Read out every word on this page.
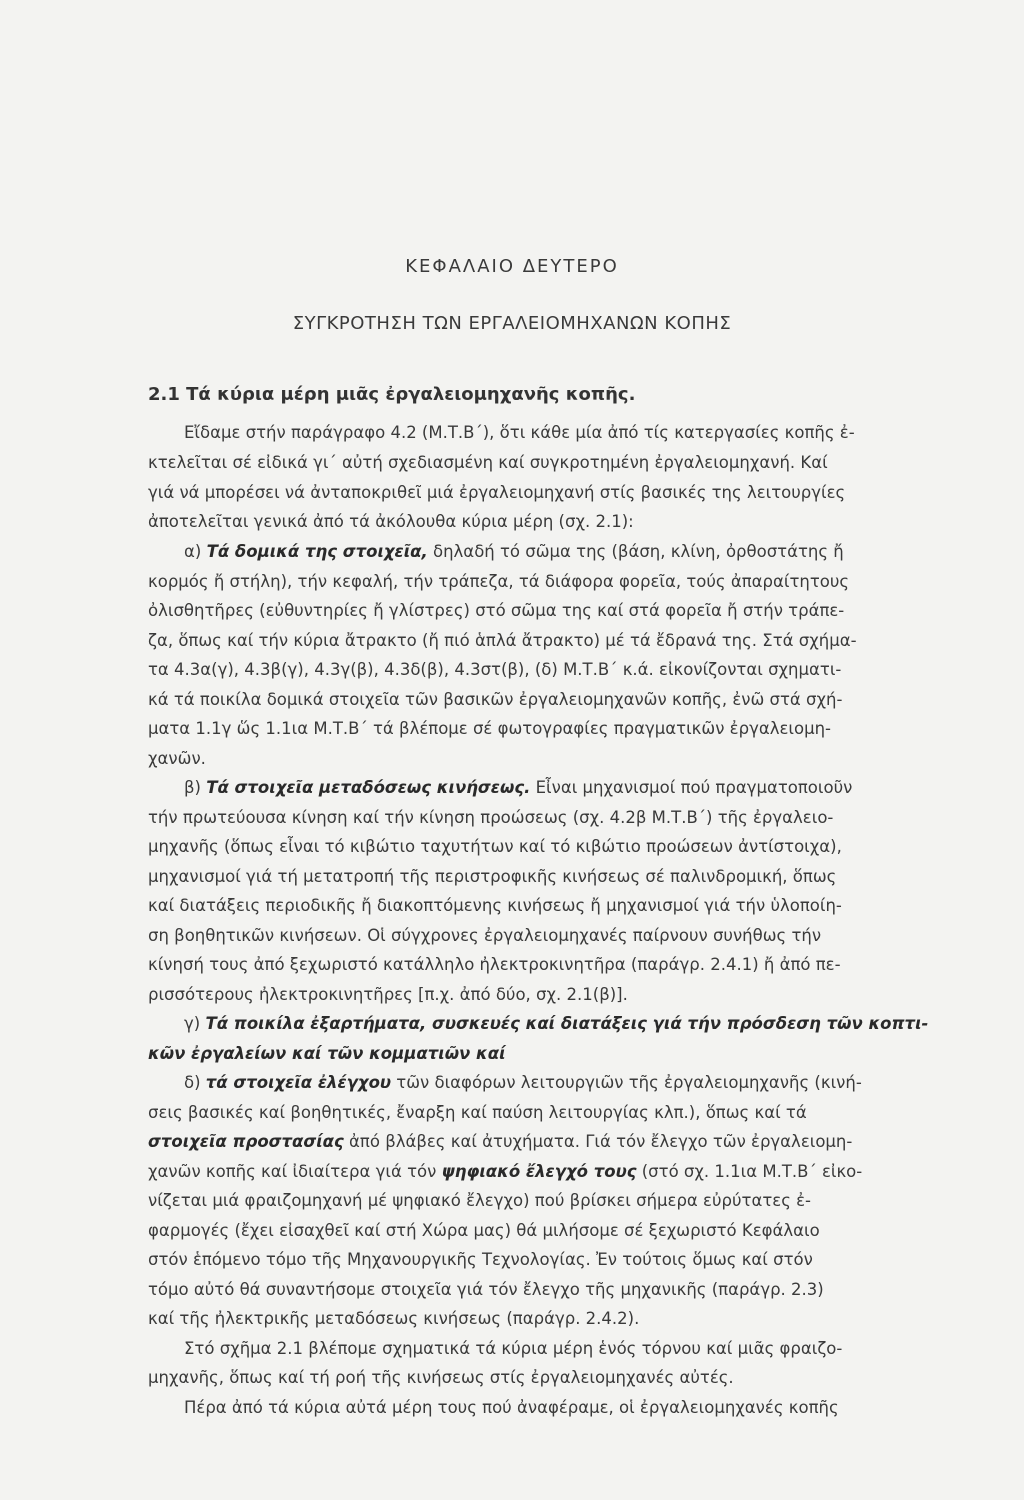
ΚΕΦΑΛΑΙΟ ΔΕΥΤΕΡΟ
ΣΥΓΚΡΟΤΗΣΗ ΤΩΝ ΕΡΓΑΛΕΙΟΜΗΧΑΝΩΝ ΚΟΠΗΣ
2.1 Τά κύρια μέρη μιᾶς ἐργαλειομηχανῆς κοπῆς.
Εἴδαμε στήν παράγραφο 4.2 (Μ.Τ.Β΄), ὅτι κάθε μία ἀπό τίς κατεργασίες κοπῆς ἐ-
κτελεῖται σέ εἰδικά γι΄ αὐτή σχεδιασμένη καί συγκροτημένη ἐργαλειομηχανή. Καί
γιά νά μπορέσει νά ἀνταποκριθεῖ μιά ἐργαλειομηχανή στίς βασικές της λειτουργίες
ἀποτελεῖται γενικά ἀπό τά ἀκόλουθα κύρια μέρη (σχ. 2.1):
α) Τά δομικά της στοιχεῖα, δηλαδή τό σῶμα της (βάση, κλίνη, ὀρθοστάτης ἤ
κορμός ἤ στήλη), τήν κεφαλή, τήν τράπεζα, τά διάφορα φορεῖα, τούς ἀπαραίτητους
ὀλισθητῆρες (εὐθυντηρίες ἤ γλίστρες) στό σῶμα της καί στά φορεῖα ἤ στήν τράπε-
ζα, ὅπως καί τήν κύρια ἄτρακτο (ἤ πιό ἁπλά ἄτρακτο) μέ τά ἔδρανά της. Στά σχήμα-
τα 4.3α(γ), 4.3β(γ), 4.3γ(β), 4.3δ(β), 4.3στ(β), (δ) Μ.Τ.Β΄ κ.ά. εἰκονίζονται σχηματι-
κά τά ποικίλα δομικά στοιχεῖα τῶν βασικῶν ἐργαλειομηχανῶν κοπῆς, ἐνῶ στά σχή-
ματα 1.1γ ὥς 1.1ια Μ.Τ.Β΄ τά βλέπομε σέ φωτογραφίες πραγματικῶν ἐργαλειομη-
χανῶν.
β) Τά στοιχεῖα μεταδόσεως κινήσεως. Εἶναι μηχανισμοί πού πραγματοποιοῦν
τήν πρωτεύουσα κίνηση καί τήν κίνηση προώσεως (σχ. 4.2β Μ.Τ.Β΄) τῆς ἐργαλειο-
μηχανῆς (ὅπως εἶναι τό κιβώτιο ταχυτήτων καί τό κιβώτιο προώσεων ἀντίστοιχα),
μηχανισμοί γιά τή μετατροπή τῆς περιστροφικῆς κινήσεως σέ παλινδρομική, ὅπως
καί διατάξεις περιοδικῆς ἤ διακοπτόμενης κινήσεως ἤ μηχανισμοί γιά τήν ὑλοποίη-
ση βοηθητικῶν κινήσεων. Οἱ σύγχρονες ἐργαλειομηχανές παίρνουν συνήθως τήν
κίνησή τους ἀπό ξεχωριστό κατάλληλο ἠλεκτροκινητῆρα (παράγρ. 2.4.1) ἤ ἀπό πε-
ρισσότερους ἠλεκτροκινητῆρες [π.χ. ἀπό δύο, σχ. 2.1(β)].
γ) Τά ποικίλα ἐξαρτήματα, συσκευές καί διατάξεις γιά τήν πρόσδεση τῶν κοπτι-
κῶν ἐργαλείων καί τῶν κομματιῶν καί
δ) τά στοιχεῖα ἐλέγχου τῶν διαφόρων λειτουργιῶν τῆς ἐργαλειομηχανῆς (κινή-
σεις βασικές καί βοηθητικές, ἔναρξη καί παύση λειτουργίας κλπ.), ὅπως καί τά
στοιχεῖα προστασίας ἀπό βλάβες καί ἀτυχήματα. Γιά τόν ἔλεγχο τῶν ἐργαλειομη-
χανῶν κοπῆς καί ἰδιαίτερα γιά τόν ψηφιακό ἔλεγχό τους (στό σχ. 1.1ια Μ.Τ.Β΄ εἰκο-
νίζεται μιά φραιζομηχανή μέ ψηφιακό ἔλεγχο) πού βρίσκει σήμερα εὐρύτατες ἐ-
φαρμογές (ἔχει εἰσαχθεῖ καί στή Χώρα μας) θά μιλήσομε σέ ξεχωριστό Κεφάλαιο
στόν ἑπόμενο τόμο τῆς Μηχανουργικῆς Τεχνολογίας. Ἐν τούτοις ὅμως καί στόν
τόμο αὐτό θά συναντήσομε στοιχεῖα γιά τόν ἔλεγχο τῆς μηχανικῆς (παράγρ. 2.3)
καί τῆς ἠλεκτρικῆς μεταδόσεως κινήσεως (παράγρ. 2.4.2).
Στό σχῆμα 2.1 βλέπομε σχηματικά τά κύρια μέρη ἑνός τόρνου καί μιᾶς φραιζο-
μηχανῆς, ὅπως καί τή ροή τῆς κινήσεως στίς ἐργαλειομηχανές αὐτές.
Πέρα ἀπό τά κύρια αὐτά μέρη τους πού ἀναφέραμε, οἱ ἐργαλειομηχανές κοπῆς
